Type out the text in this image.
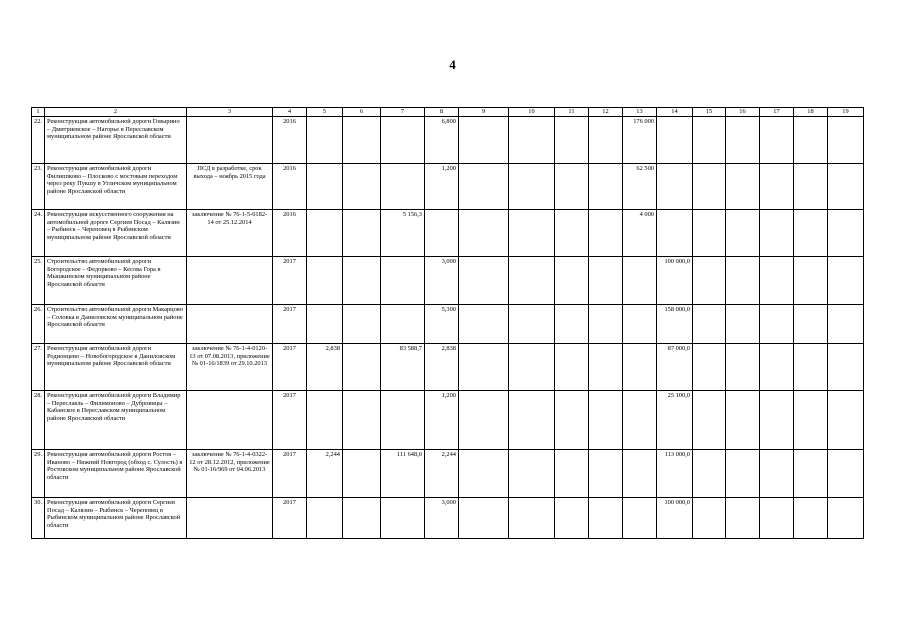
4
1	2	3	4	5	6	7	8	9	10	11	12	13	14	15	16	17	18	19
22.	Реконструкция автомобильной дороги Говырино – Дмитриевское – Нагорье в Переславском муниципальном районе Ярославской области		2016				6,800					176 000						
23.	Реконструкция автомобильной дороги Филиппково – Плосково с мостовым переходом через реку Пукшу в Угличском муниципальном районе Ярославской области	ПСД в разработке, срок выхода – ноябрь 2015 года	2016				1,200					62 500						
24.	Реконструкция искусственного сооружения на автомобильной дороге Сергиев Посад – Калязин – Рыбинск – Череповец в Рыбинском муниципальном районе Ярославской области	заключение № 76-1-5-0182-14 от 25.12.2014	2016			5 156,3						4 000						
25.	Строительство автомобильной дороги Богородское – Федорково – Кесова Гора в Мышкинском муниципальном районе Ярославской области		2017				3,000						100 000,0					
26.	Строительство автомобильной дороги Макарцово – Соловка в Даниловском муниципальном районе Ярославской области		2017				5,300						158 000,0					
27.	Реконструкция автомобильной дороги Родионцево – Новобогородское в Даниловском муниципальном районе Ярославской области	заключение № 76-1-4-0120-13 от 07.08.2013, приложение № 01-16/1839 от 29.10.2013	2017	2,838		83 588,7	2,838						87 000,0					
28.	Реконструкция автомобильной дороги Владимир – Переславль – Филимоново – Дубровицы – Кабанское в Переславском муниципальном районе Ярославской области		2017				1,200						25 100,0					
29.	Реконструкция автомобильной дороги Ростов – Иваново – Нижний Новгород (обход с. Сулость) в Ростовском муниципальном районе Ярославской области	заключение № 76-1-4-0322-12 от 28.12.2012, приложение № 01-16/969 от 04.06.2013	2017	2,244		111 648,0	2,244						113 000,0					
30.	Реконструкция автомобильной дороги Сергиев Посад – Калязин – Рыбинск – Череповец в Рыбинском муниципальном районе Ярославской области		2017				3,000						100 000,0					
